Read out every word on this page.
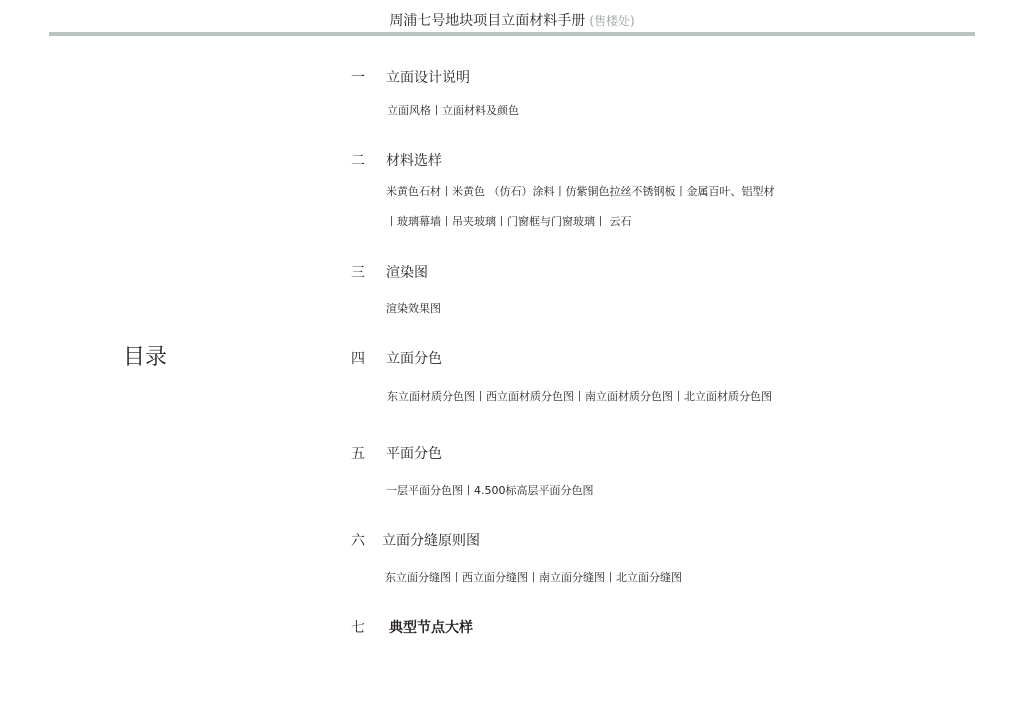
周浦七号地块项目立面材料手册 (售楼处)
目录
一 立面设计说明
立面风格丨立面材料及颜色
二 材料选样
米黄色石材丨米黄色 （仿石）涂料丨仿紫铜色拉丝不锈钢板丨金属百叶、铝型材
丨玻璃幕墙丨吊夹玻璃丨门窗框与门窗玻璃丨 云石
三 渲染图
渲染效果图
四 立面分色
东立面材质分色图丨西立面材质分色图丨南立面材质分色图丨北立面材质分色图
五 平面分色
一层平面分色图丨4.500标高层平面分色图
六 立面分缝原则图
东立面分缝图丨西立面分缝图丨南立面分缝图丨北立面分缝图
七 典型节点大样
